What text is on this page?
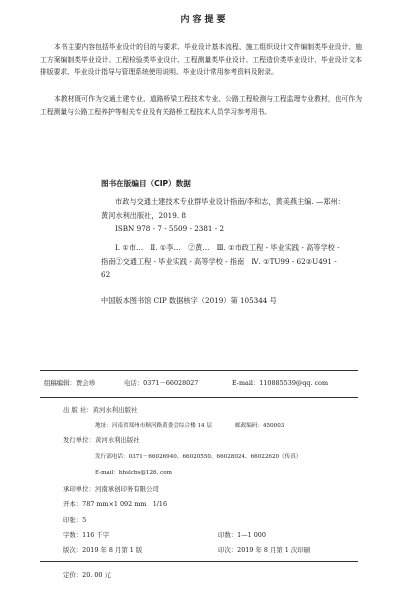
内容提要
本书主要内容包括毕业设计的目的与要求、毕业设计基本流程、施工组织设计文件编制类毕业设计、施工方案编制类毕业设计、工程检验类毕业设计、工程测量类毕业设计、工程造价类毕业设计、毕业设计文本排版要求、毕业设计指导与管理系统使用说明、毕业设计常用参考资料及附录。
本教材既可作为交通土建专业、道路桥梁工程技术专业、公路工程检测与工程监理专业教材，也可作为工程测量与公路工程养护等相关专业及有关路桥工程技术人员学习参考用书。
图书在版编目（CIP）数据
市政与交通土建技术专业群毕业设计指南/李和志，黄美燕主编. —郑州：黄河水利出版社，2019. 8
ISBN 978 - 7 - 5509 - 2381 - 2
Ⅰ. ①市…　Ⅱ. ①李…　②黄…　Ⅲ. ①市政工程 - 毕业实践 - 高等学校 - 指南②交通工程 - 毕业实践 - 高等学校 - 指南　Ⅳ. ①TU99 - 62②U491 - 62
中国版本图书馆 CIP 数据核字（2019）第 105344 号
组稿编辑：贾会珍	电话：0371－66028027	E-mail：110885539@qq. com
出 版 社：黄河水利出版社
地址：河南省郑州市顺河路黄委会综合楼 14 层	邮政编码：450003
发行单位：黄河水利出版社
发行部电话：0371－66026940、66020550、66028024、66022620（传真）
E-mail：hhslcbs@126. com
承印单位：河南承创印务有限公司
开本：787 mm×1 092 mm　1/16
印张：5
字数：116 千字	印数：1—1 000
版次：2019 年 8 月第 1 版	印次：2019 年 8 月第 1 次印刷
定价：20. 00 元
